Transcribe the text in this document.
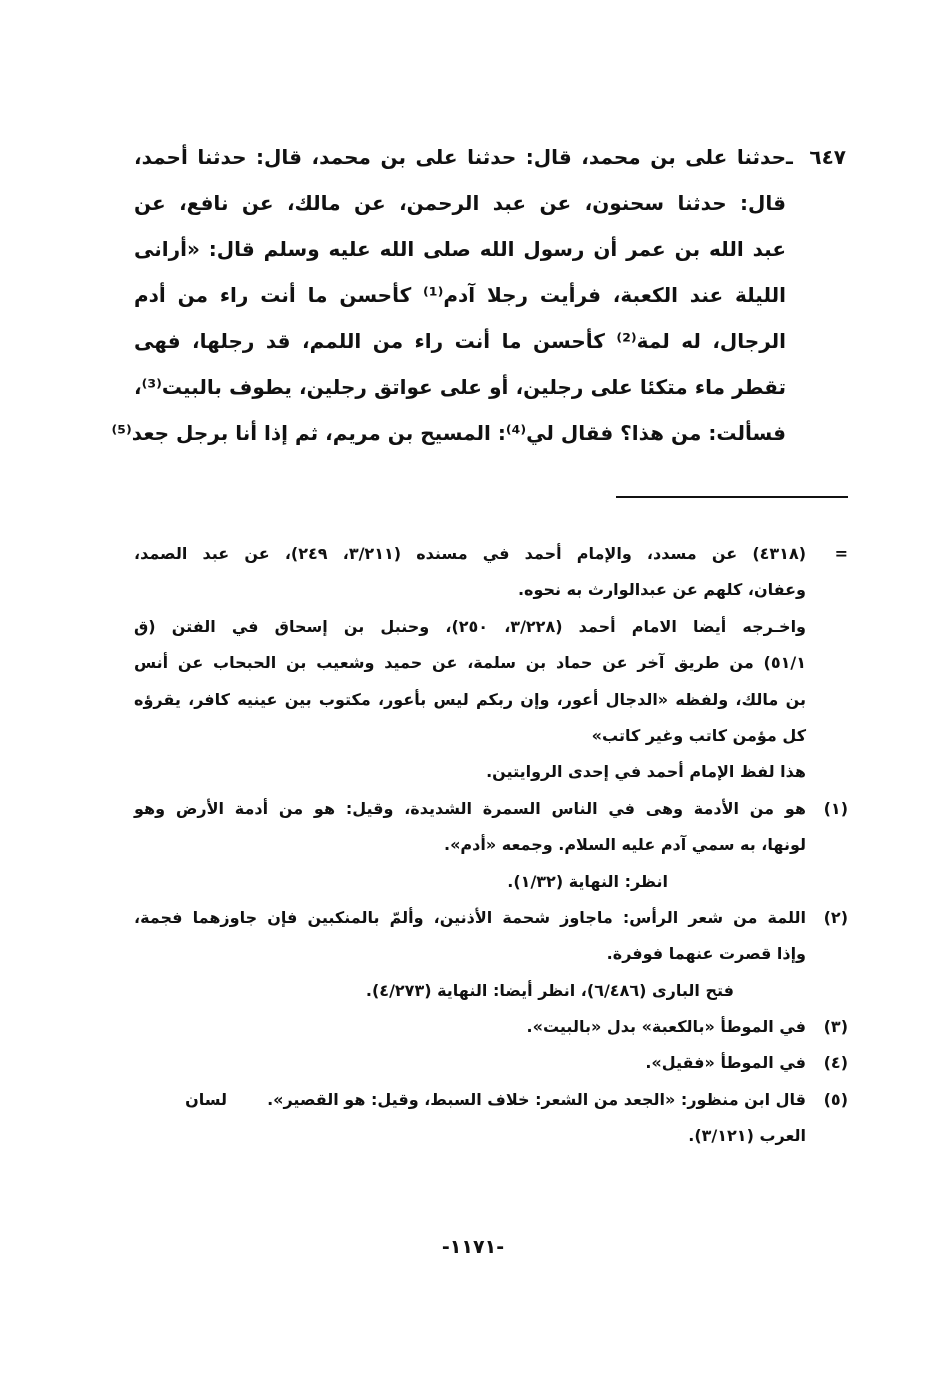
٦٤٧ ـحدثنا على بن محمد، قال: حدثنا على بن محمد، قال: حدثنا أحمد،
قال: حدثنا سحنون، عن عبد الرحمن، عن مالك، عن نافع، عن
عبد الله بن عمر أن رسول الله صلى الله عليه وسلم قال: «أرانى
الليلة عند الكعبة، فرأيت رجلا آدم⁽¹⁾ كأحسن ما أنت راء من أدم
الرجال، له لمة⁽²⁾ كأحسن ما أنت راء من اللمم، قد رجلها، فهى
تقطر ماء متكئا على رجلين، أو على عواتق رجلين، يطوف بالبيت⁽³⁾،
فسألت: من هذا؟ فقال لي⁽⁴⁾: المسيح بن مريم، ثم إذا أنا برجل جعد⁽⁵⁾
=(٤٣١٨) عن مسدد، والإمام أحمد في مسنده (٣/٢١١، ٢٤٩)، عن عبد الصمد،
وعفان، كلهم عن عبدالوارث به نحوه.
واخـرجه أيضا الامام أحمد (٣/٢٢٨، ٢٥٠)، وحنبل بن إسحاق في الفتن (ق
٥١/١) من طريق آخر عن حماد بن سلمة، عن حميد وشعيب بن الحبحاب عن أنس
بن مالك، ولفظه «الدجال أعور، وإن ربكم ليس بأعور، مكتوب بين عينيه كافر، يقرؤه
كل مؤمن كاتب وغير كاتب»
هذا لفظ الإمام أحمد في إحدى الروايتين.
(١)هو من الأدمة وهى في الناس السمرة الشديدة، وقيل: هو من أدمة الأرض وهو
لونها، به سمي آدم عليه السلام. وجمعه «أدم».
انظر: النهاية (١/٣٢).
(٢)اللمة من شعر الرأس: ماجاوز شحمة الأذنين، وألمّ بالمنكبين فإن جاوزهما فجمة،
وإذا قصرت عنهما فوفرة.
فتح البارى (٦/٤٨٦)، انظر أيضا: النهاية (٤/٢٧٣).
(٣)في الموطأ «بالكعبة» بدل «بالبيت».
(٤)في الموطأ «فقيل».
(٥)قال ابن منظور: «الجعد من الشعر: خلاف السبط، وقيل: هو القصير».لسان
العرب (٣/١٢١).
-١١٧١-
